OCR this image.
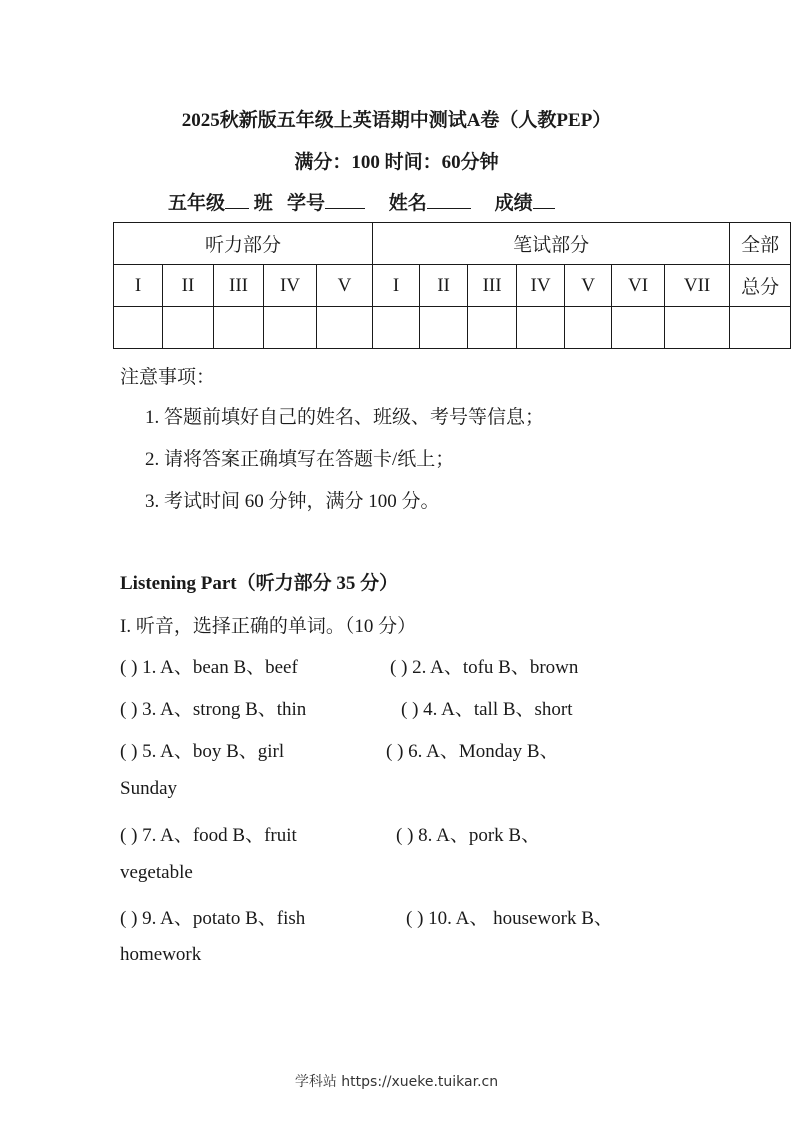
2025秋新版五年级上英语期中测试A卷（人教PEP）
满分：100 时间：60分钟
五年级 班 学号	姓名	成绩
听力部分					笔试部分							全部
I	II	III	IV	V	I	II	III	IV	V	VI	VII	总分

注意事项：
1. 答题前填好自己的姓名、班级、考号等信息；
2. 请将答案正确填写在答题卡/纸上；
3. 考试时间 60 分钟，满分 100 分。
Listening Part（听力部分 35 分）
I. 听音，选择正确的单词。（10 分）
( ) 1. A、bean B、beef	( ) 2. A、tofu B、brown
( ) 3. A、strong B、thin	( ) 4. A、tall B、short
( ) 5. A、boy B、girl	( ) 6. A、Monday B、
Sunday
( ) 7. A、food B、fruit	( ) 8. A、pork B、
vegetable
( ) 9. A、potato B、fish	( ) 10. A、 housework B、
homework
学科站 https://xueke.tuikar.cn
